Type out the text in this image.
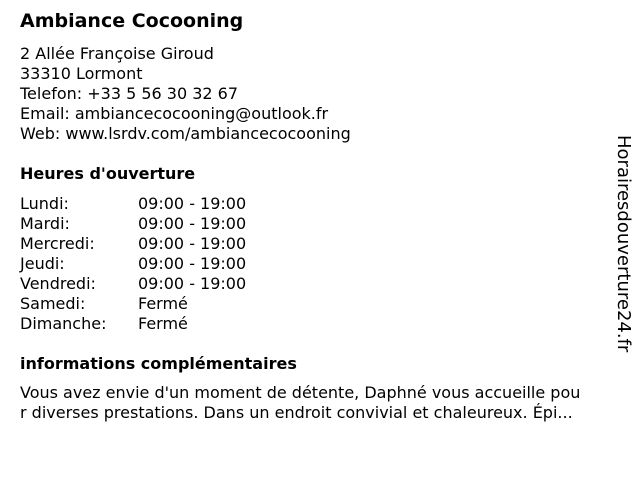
Ambiance Cocooning
2 Allée Françoise Giroud
33310 Lormont
Telefon: +33 5 56 30 32 67
Email: ambiancecocooning@outlook.fr
Web: www.lsrdv.com/ambiancecocooning
Heures d'ouverture
Lundi:	09:00 - 19:00
Mardi:	09:00 - 19:00
Mercredi:	09:00 - 19:00
Jeudi:	09:00 - 19:00
Vendredi:	09:00 - 19:00
Samedi:	Fermé
Dimanche: Fermé
informations complémentaires
Vous avez envie d'un moment de détente, Daphné vous accueille pou
r diverses prestations. Dans un endroit convivial et chaleureux. Épi...
Horairesdouverture24.fr
